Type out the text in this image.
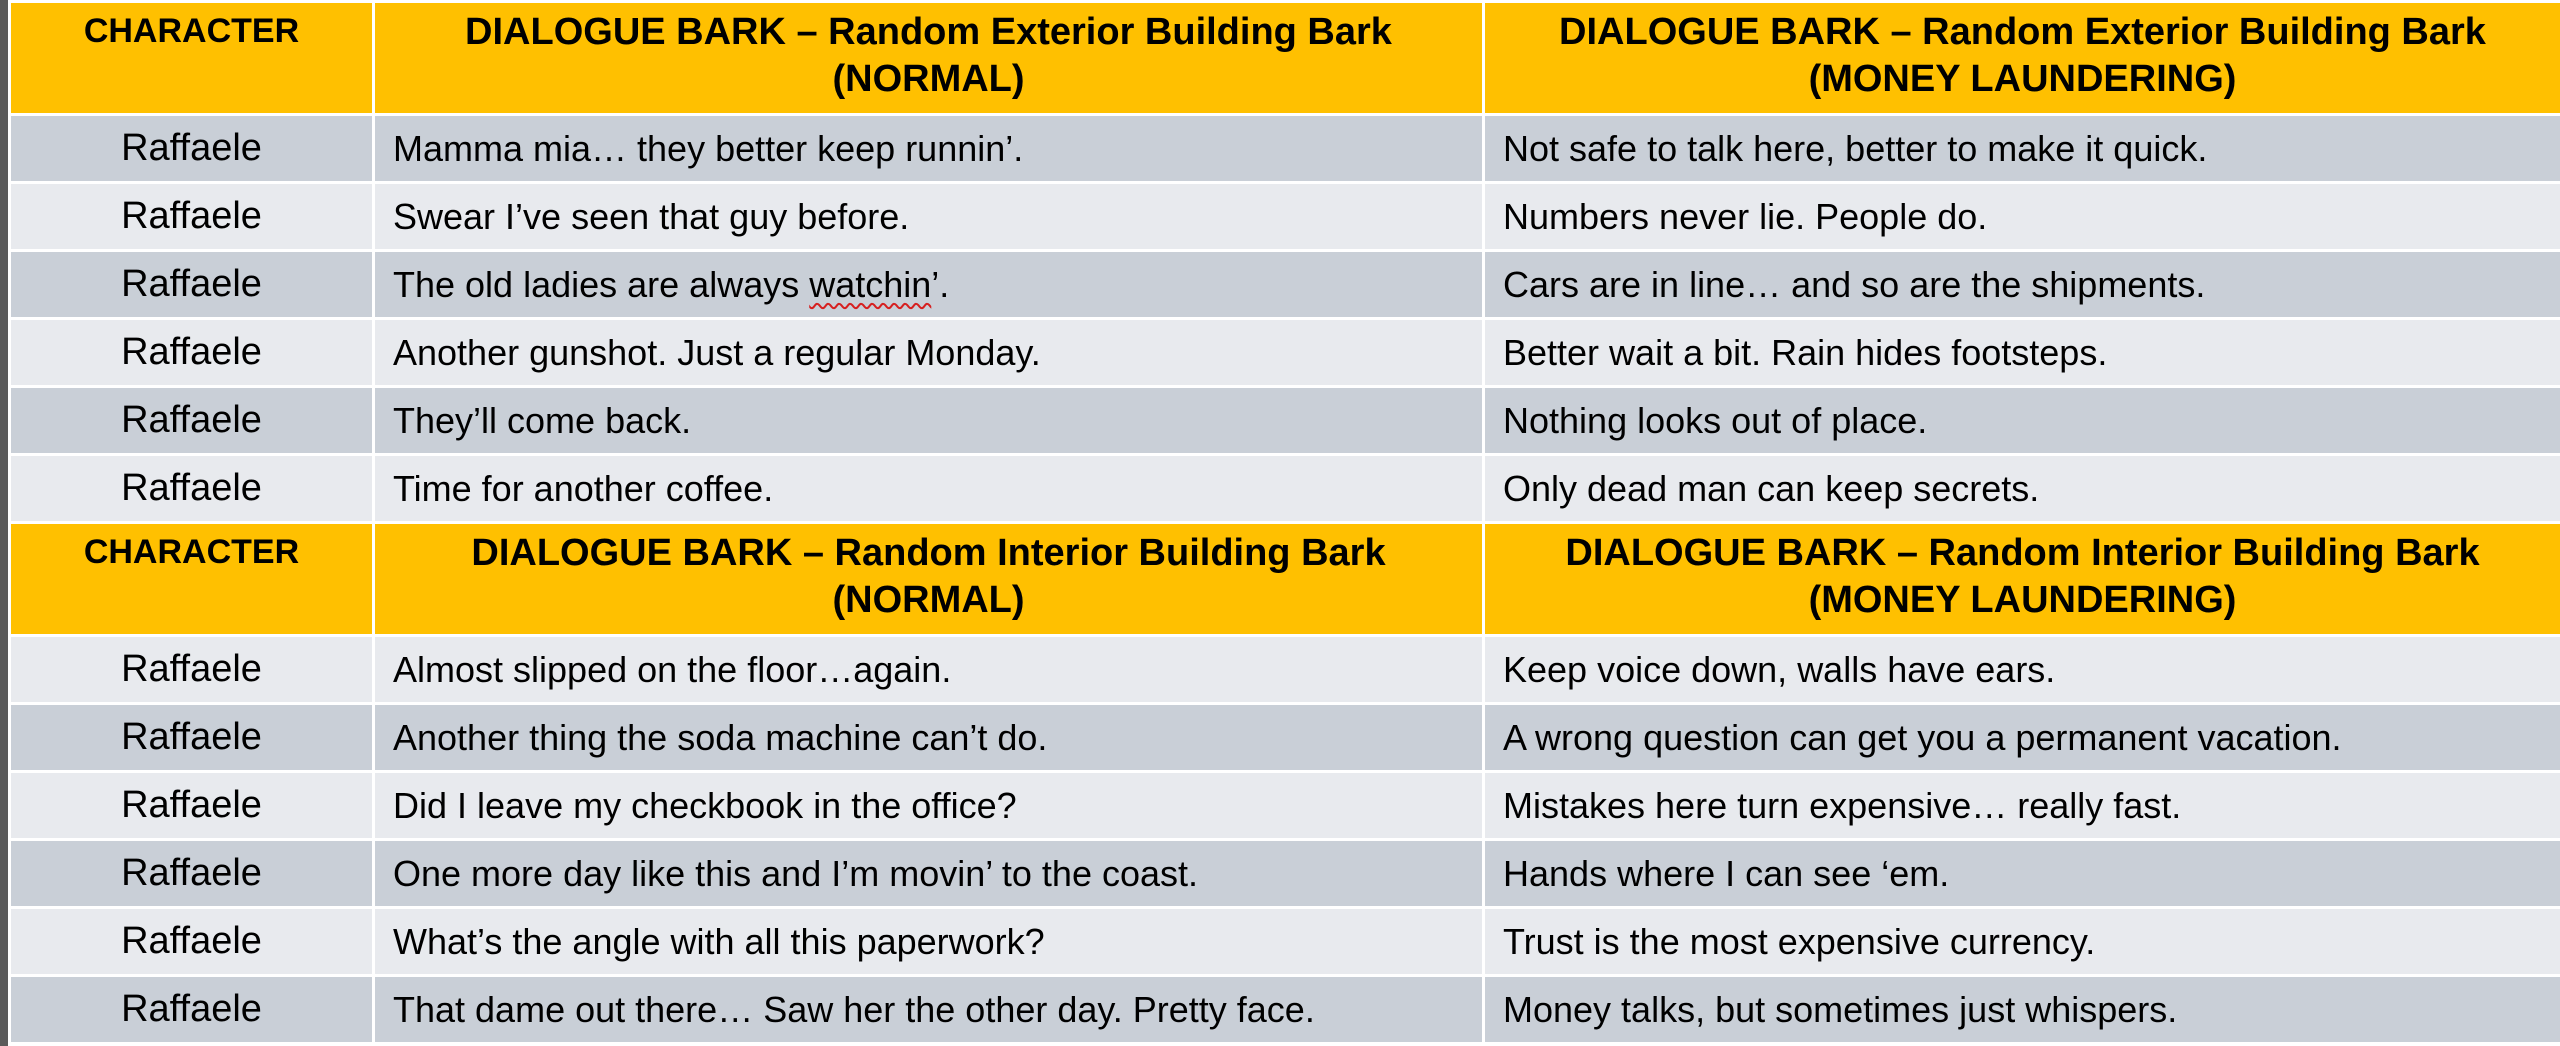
CHARACTER	DIALOGUE BARK – Random Exterior Building Bark (NORMAL)	DIALOGUE BARK – Random Exterior Building Bark (MONEY LAUNDERING)
Raffaele	Mamma mia… they better keep runnin’.	Not safe to talk here, better to make it quick.
Raffaele	Swear I’ve seen that guy before.	Numbers never lie. People do.
Raffaele	The old ladies are always watchin’.	Cars are in line… and so are the shipments.
Raffaele	Another gunshot. Just a regular Monday.	Better wait a bit. Rain hides footsteps.
Raffaele	They’ll come back.	Nothing looks out of place.
Raffaele	Time for another coffee.	Only dead man can keep secrets.
CHARACTER	DIALOGUE BARK – Random Interior Building Bark (NORMAL)	DIALOGUE BARK – Random Interior Building Bark (MONEY LAUNDERING)
Raffaele	Almost slipped on the floor…again.	Keep voice down, walls have ears.
Raffaele	Another thing the soda machine can’t do.	A wrong question can get you a permanent vacation.
Raffaele	Did I leave my checkbook in the office?	Mistakes here turn expensive… really fast.
Raffaele	One more day like this and I’m movin’ to the coast.	Hands where I can see ‘em.
Raffaele	What’s the angle with all this paperwork?	Trust is the most expensive currency.
Raffaele	That dame out there… Saw her the other day. Pretty face.	Money talks, but sometimes just whispers.
